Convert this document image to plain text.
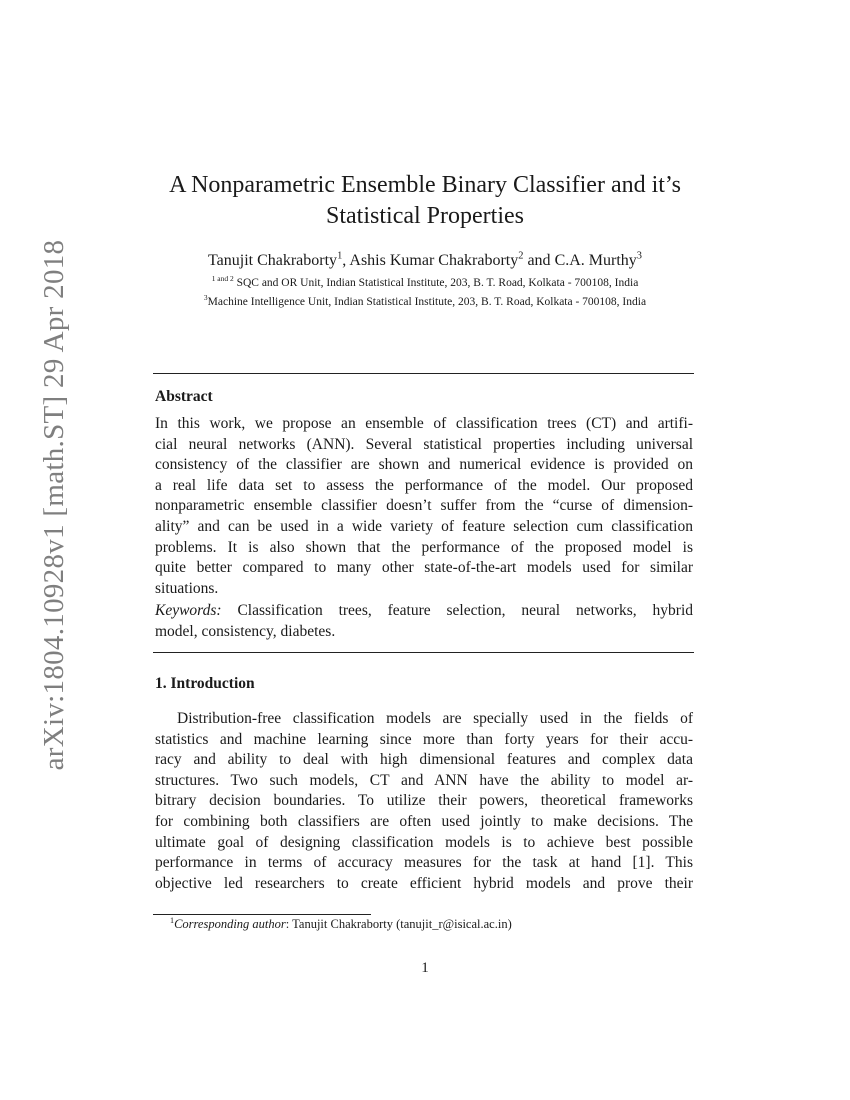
arXiv:1804.10928v1 [math.ST] 29 Apr 2018
A Nonparametric Ensemble Binary Classifier and it’s
Statistical Properties
Tanujit Chakraborty$^1$, Ashis Kumar Chakraborty$^2$ and C.A. Murthy$^3$
$^{1 and 2}$ SQC and OR Unit, Indian Statistical Institute, 203, B. T. Road, Kolkata - 700108, India
$^3$Machine Intelligence Unit, Indian Statistical Institute, 203, B. T. Road, Kolkata - 700108, India
Abstract
In this work, we propose an ensemble of classification trees (CT) and artifi-
cial neural networks (ANN). Several statistical properties including universal
consistency of the classifier are shown and numerical evidence is provided on
a real life data set to assess the performance of the model. Our proposed
nonparametric ensemble classifier doesn’t suffer from the “curse of dimension-
ality” and can be used in a wide variety of feature selection cum classification
problems. It is also shown that the performance of the proposed model is
quite better compared to many other state-of-the-art models used for similar
situations.
Keywords: Classification trees, feature selection, neural networks, hybrid
model, consistency, diabetes.
1. Introduction
Distribution-free classification models are specially used in the fields of
statistics and machine learning since more than forty years for their accu-
racy and ability to deal with high dimensional features and complex data
structures. Two such models, CT and ANN have the ability to model ar-
bitrary decision boundaries. To utilize their powers, theoretical frameworks
for combining both classifiers are often used jointly to make decisions. The
ultimate goal of designing classification models is to achieve best possible
performance in terms of accuracy measures for the task at hand [1]. This
objective led researchers to create efficient hybrid models and prove their
$^1$Corresponding author: Tanujit Chakraborty (tanujit_r@isical.ac.in)
1
